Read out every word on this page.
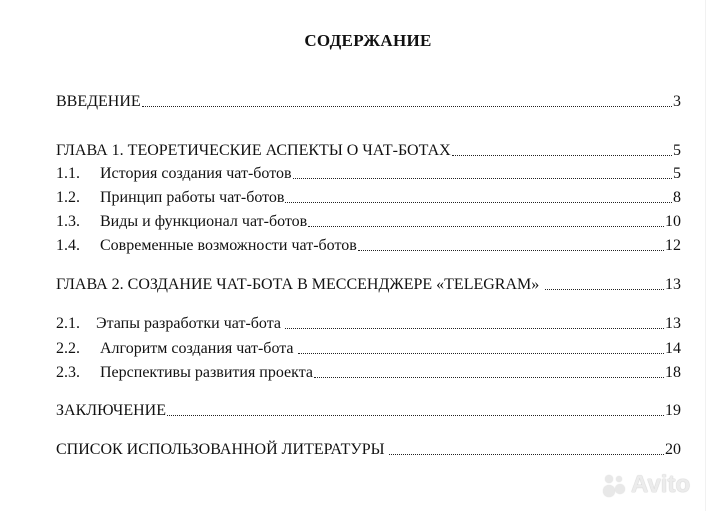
СОДЕРЖАНИЕ
ВВЕДЕНИЕ	3
ГЛАВА 1. ТЕОРЕТИЧЕСКИЕ АСПЕКТЫ О ЧАТ-БОТАХ	5
1.1.	История создания чат-ботов	5
1.2.	Принцип работы чат-ботов	8
1.3.	Виды и функционал чат-ботов	10
1.4.	Современные возможности чат-ботов	12
ГЛАВА 2. СОЗДАНИЕ ЧАТ-БОТА В МЕССЕНДЖЕРЕ «TELEGRAM»	13
2.1.	Этапы разработки чат-бота	13
2.2.	Алгоритм создания чат-бота	14
2.3.	Перспективы развития проекта	18
ЗАКЛЮЧЕНИЕ	19
СПИСОК ИСПОЛЬЗОВАННОЙ ЛИТЕРАТУРЫ	20
Avito
